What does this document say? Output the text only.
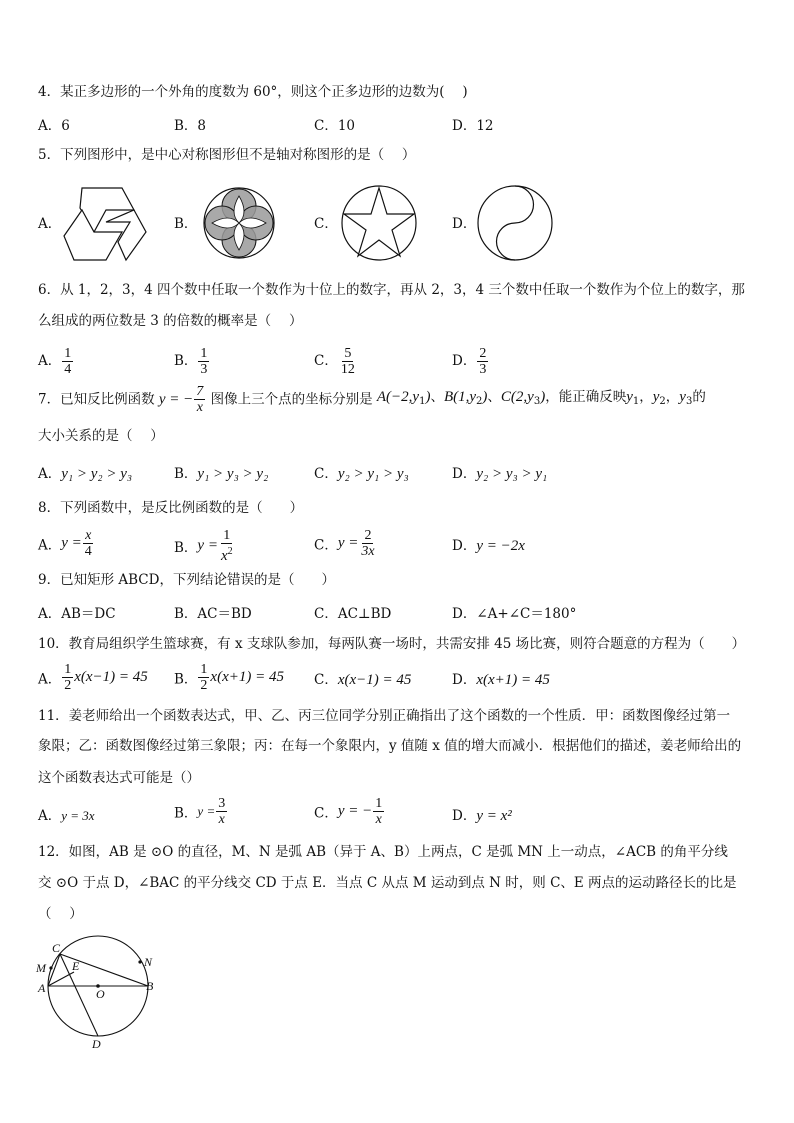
4．某正多边形的一个外角的度数为 60°，则这个正多边形的边数为(　 )
A．6	B．8	C．10	D．12
5．下列图形中，是中心对称图形但不是轴对称图形的是（　 ）
A．	B．	C．	D．
6．从 1，2，3，4 四个数中任取一个数作为十位上的数字，再从 2，3，4 三个数中任取一个数作为个位上的数字，那
么组成的两位数是 3 的倍数的概率是（　 ）
A． $\frac{1}{4}$	B． $\frac{1}{3}$	C． $\frac{5}{12}$	D． $\frac{2}{3}$
7．已知反比例函数 y = − $\frac{7}{x}$ 图像上三个点的坐标分别是 $A(-2,y_1)$、$B(1,y_2)$、$C(2,y_3)$，能正确反映$y_1$，$y_2$，$y_3$的
大小关系的是（　 ）
A．y₁ > y₂ > y₃	B．y₁ > y₃ > y₂	C．y₂ > y₁ > y₃	D．y₂ > y₃ > y₁
8．下列函数中，是反比例函数的是（　　）
A．$y = \frac{x}{4}$	B．$y = \frac{1}{x^2}$	C．$y = \frac{2}{3x}$	D．y = −2x
9．已知矩形 ABCD，下列结论错误的是（　　）
A．AB＝DC	B．AC＝BD	C．AC⊥BD	D．∠A+∠C＝180°
10．教育局组织学生篮球赛，有 x 支球队参加，每两队赛一场时，共需安排 45 场比赛，则符合题意的方程为（　　）
A． $\frac{1}{2} x(x-1) = 45$ B． $\frac{1}{2} x(x+1) = 45$ C．x(x−1) = 45	D．x(x+1) = 45
11．姜老师给出一个函数表达式，甲、乙、丙三位同学分别正确指出了这个函数的一个性质．甲：函数图像经过第一
象限；乙：函数图像经过第三象限；丙：在每一个象限内，y 值随 x 值的增大而减小．根据他们的描述，姜老师给出的
这个函数表达式可能是（）
A．y = 3x	B．$y = \frac{3}{x}$	C．y = − $\frac{1}{x}$	D．y = x²
12．如图，AB 是 ⊙O 的直径，M、N 是弧 AB（异于 A、B）上两点，C 是弧 MN 上一动点，∠ACB 的角平分线
交 ⊙O 于点 D，∠BAC 的平分线交 CD 于点 E．当点 C 从点 M 运动到点 N 时，则 C、E 两点的运动路径长的比是
（　 ）
C
M
A
E	N
O
B
D
